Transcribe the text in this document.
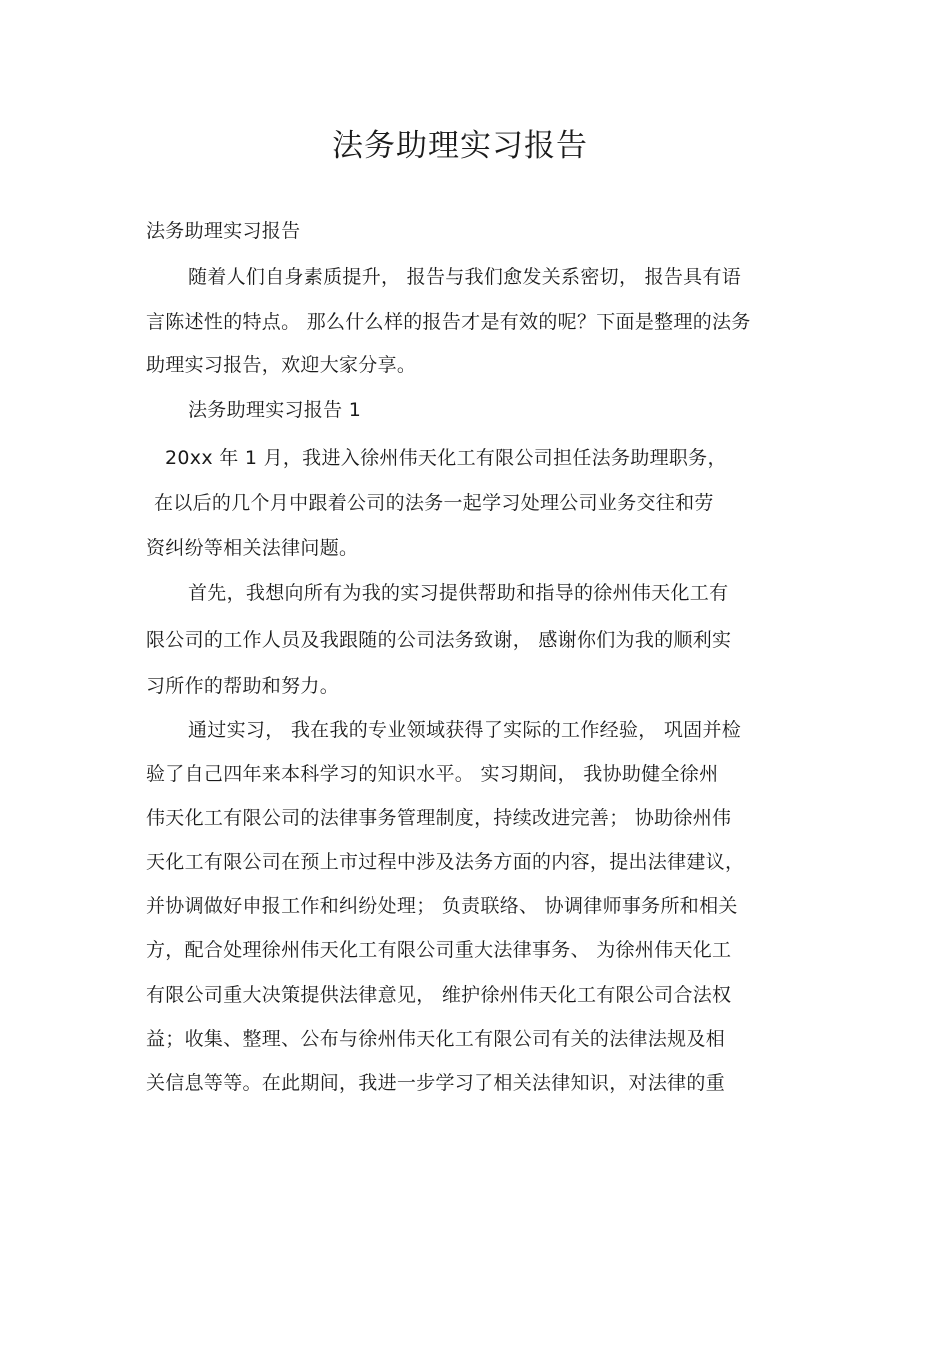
法务助理实习报告
法务助理实习报告
随着人们自身素质提升， 报告与我们愈发关系密切， 报告具有语
言陈述性的特点。 那么什么样的报告才是有效的呢？下面是整理的法务
助理实习报告，欢迎大家分享。
法务助理实习报告 1
20xx 年 1 月，我进入徐州伟天化工有限公司担任法务助理职务，
在以后的几个月中跟着公司的法务一起学习处理公司业务交往和劳
资纠纷等相关法律问题。
首先，我想向所有为我的实习提供帮助和指导的徐州伟天化工有
限公司的工作人员及我跟随的公司法务致谢， 感谢你们为我的顺利实
习所作的帮助和努力。
通过实习， 我在我的专业领域获得了实际的工作经验， 巩固并检
验了自己四年来本科学习的知识水平。 实习期间， 我协助健全徐州
伟天化工有限公司的法律事务管理制度，持续改进完善； 协助徐州伟
天化工有限公司在预上市过程中涉及法务方面的内容，提出法律建议，
并协调做好申报工作和纠纷处理； 负责联络、 协调律师事务所和相关
方，配合处理徐州伟天化工有限公司重大法律事务、 为徐州伟天化工
有限公司重大决策提供法律意见， 维护徐州伟天化工有限公司合法权
益；收集、整理、公布与徐州伟天化工有限公司有关的法律法规及相
关信息等等。在此期间，我进一步学习了相关法律知识，对法律的重
